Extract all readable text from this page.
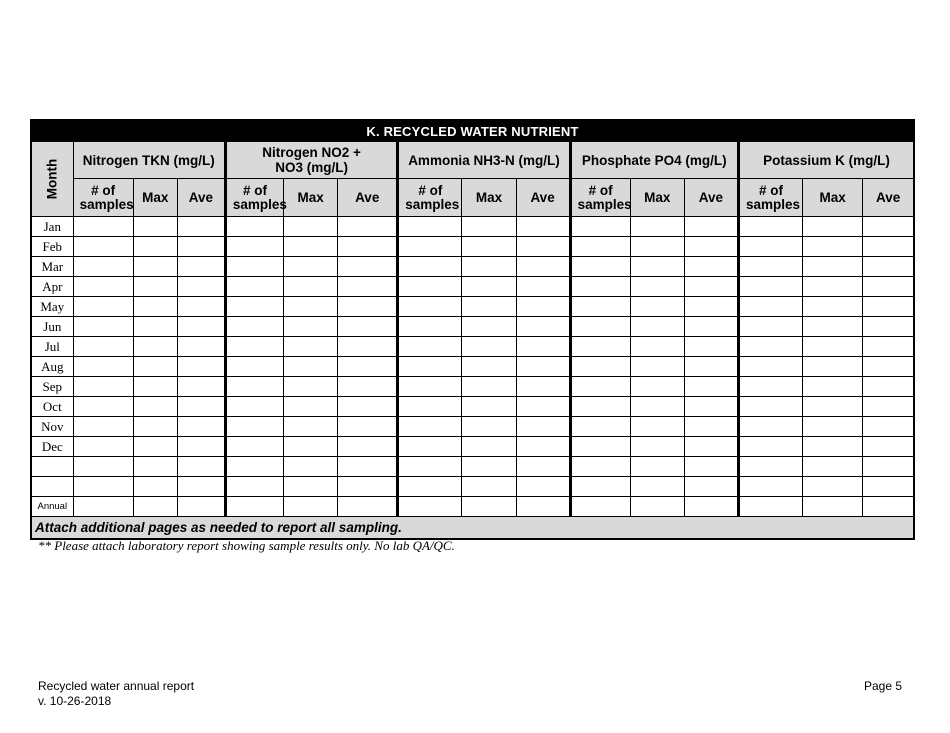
K. RECYCLED WATER NUTRIENT															

Month	Nitrogen TKN (mg/L)			Nitrogen NO2 + NO3 (mg/L)			Ammonia NH3-N (mg/L)			Phosphate PO4 (mg/L)			Potassium K (mg/L)		
	# of samples	Max	Ave	# of samples	Max	Ave	# of samples	Max	Ave	# of samples	Max	Ave	# of samples	Max	Ave
Jan															
Feb															
Mar															
Apr															
May															
Jun															
Jul															
Aug															
Sep															
Oct															
Nov															
Dec															

Annual															
Attach additional pages as needed to report all sampling.															
** Please attach laboratory report showing sample results only. No lab QA/QC.
Recycled water annual report
v. 10-26-2018
Page 5
